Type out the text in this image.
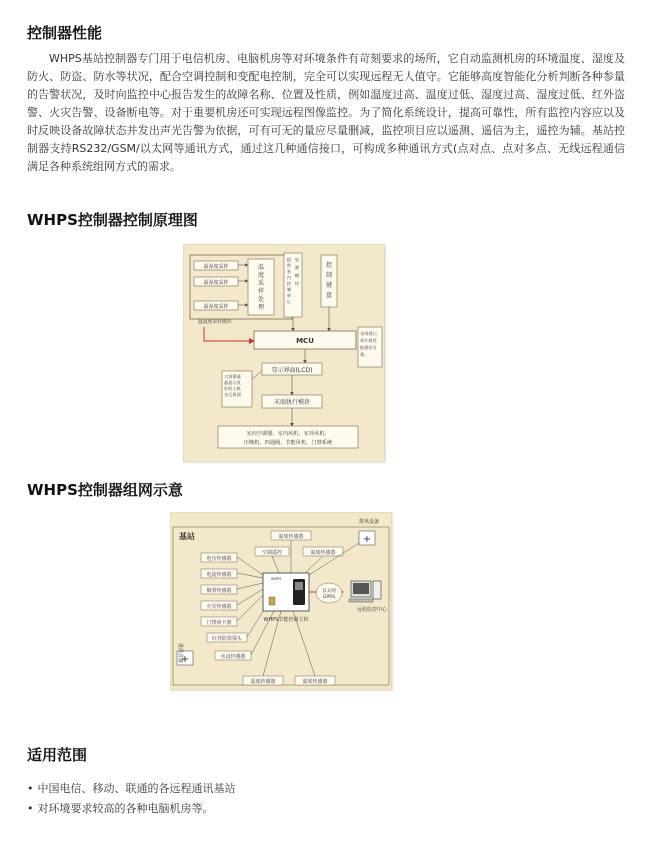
控制器性能

WHPS基站控制器专门用于电信机房、电脑机房等对环境条件有苛刻要求的场所，它自动监测机房的环境温度、湿度及防火、防盗、防水等状况，配合空调控制和变配电控制，完全可以实现远程无人值守。它能够高度智能化分析判断各种参量的告警状况，及时向监控中心报告发生的故障名称、位置及性质，例如温度过高、温度过低、湿度过高、湿度过低、红外盗警、火灾告警、设备断电等。对于重要机房还可实现远程图像监控。为了简化系统设计，提高可靠性，所有监控内容应以及时反映设备故障状态并发出声光告警为依据，可有可无的量应尽量删减，监控项目应以遥测、遥信为主，遥控为辅。基站控制器支持RS232/GSM/以太网等通讯方式，通过这几种通信接口，可构成多种通讯方式(点对点、点对多点、无线远程通信满足各种系统组网方式的需求。

WHPS控制器控制原理图
温湿度采样
温湿度采样
温湿度采样
温度采样处理
提供室内控制单元 电源模块
控制键盘
温湿度采样模块
MCU
采用进口单片机性能稳定可靠。
显示界面(LCD)
大屏幕液晶显示良好的人机交互界面
末端执行模块
室内空调器、室内风机、室外风机、
压缩机、四通阀、节能风机、门禁系统
WHPS控制器组网示意
基站
排风设备
+
+
进风设备
温度传感器
空调遥控	温度传感器
电压传感器
电流传感器
烟雾传感器
火灾传感器
门禁读卡器
红外防盗探头
水浸传感器
WHPS
WHPS节能控制主机
以太网
GPRS
远程监控中心
温度传感器	温度传感器
适用范围
• 中国电信、移动、联通的各远程通讯基站
• 对环境要求较高的各种电脑机房等。
